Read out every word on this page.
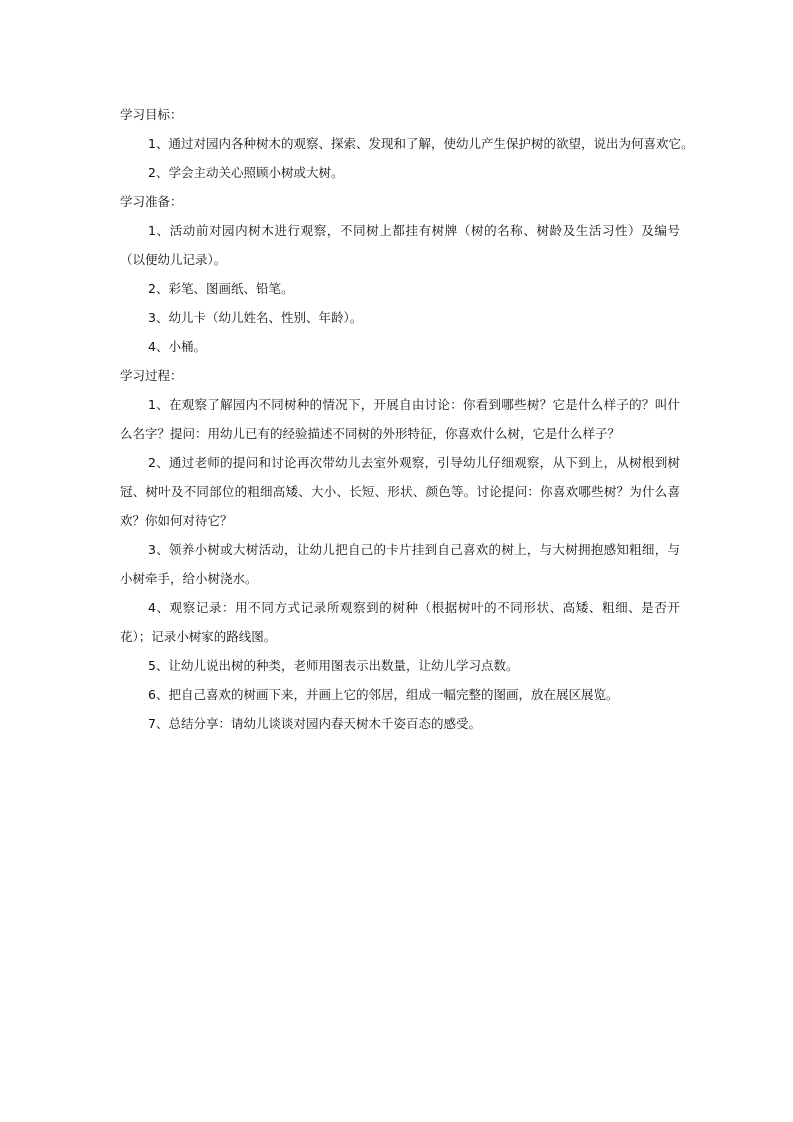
学习目标：

1、通过对园内各种树木的观察、探索、发现和了解，使幼儿产生保护树的欲望，说出为何喜欢它。

2、学会主动关心照顾小树或大树。

学习准备：

1、活动前对园内树木进行观察，不同树上都挂有树牌（树的名称、树龄及生活习性）及编号（以便幼儿记录）。

2、彩笔、图画纸、铅笔。

3、幼儿卡（幼儿姓名、性别、年龄）。

4、小桶。

学习过程：

1、在观察了解园内不同树种的情况下，开展自由讨论：你看到哪些树？它是什么样子的？叫什么名字？提问：用幼儿已有的经验描述不同树的外形特征，你喜欢什么树，它是什么样子？

2、通过老师的提问和讨论再次带幼儿去室外观察，引导幼儿仔细观察，从下到上，从树根到树冠、树叶及不同部位的粗细高矮、大小、长短、形状、颜色等。讨论提问：你喜欢哪些树？为什么喜欢？你如何对待它？

3、领养小树或大树活动，让幼儿把自己的卡片挂到自己喜欢的树上，与大树拥抱感知粗细，与小树牵手，给小树浇水。

4、观察记录：用不同方式记录所观察到的树种（根据树叶的不同形状、高矮、粗细、是否开花）；记录小树家的路线图。

5、让幼儿说出树的种类，老师用图表示出数量，让幼儿学习点数。

6、把自己喜欢的树画下来，并画上它的邻居，组成一幅完整的图画，放在展区展览。

7、总结分享：请幼儿谈谈对园内春天树木千姿百态的感受。
